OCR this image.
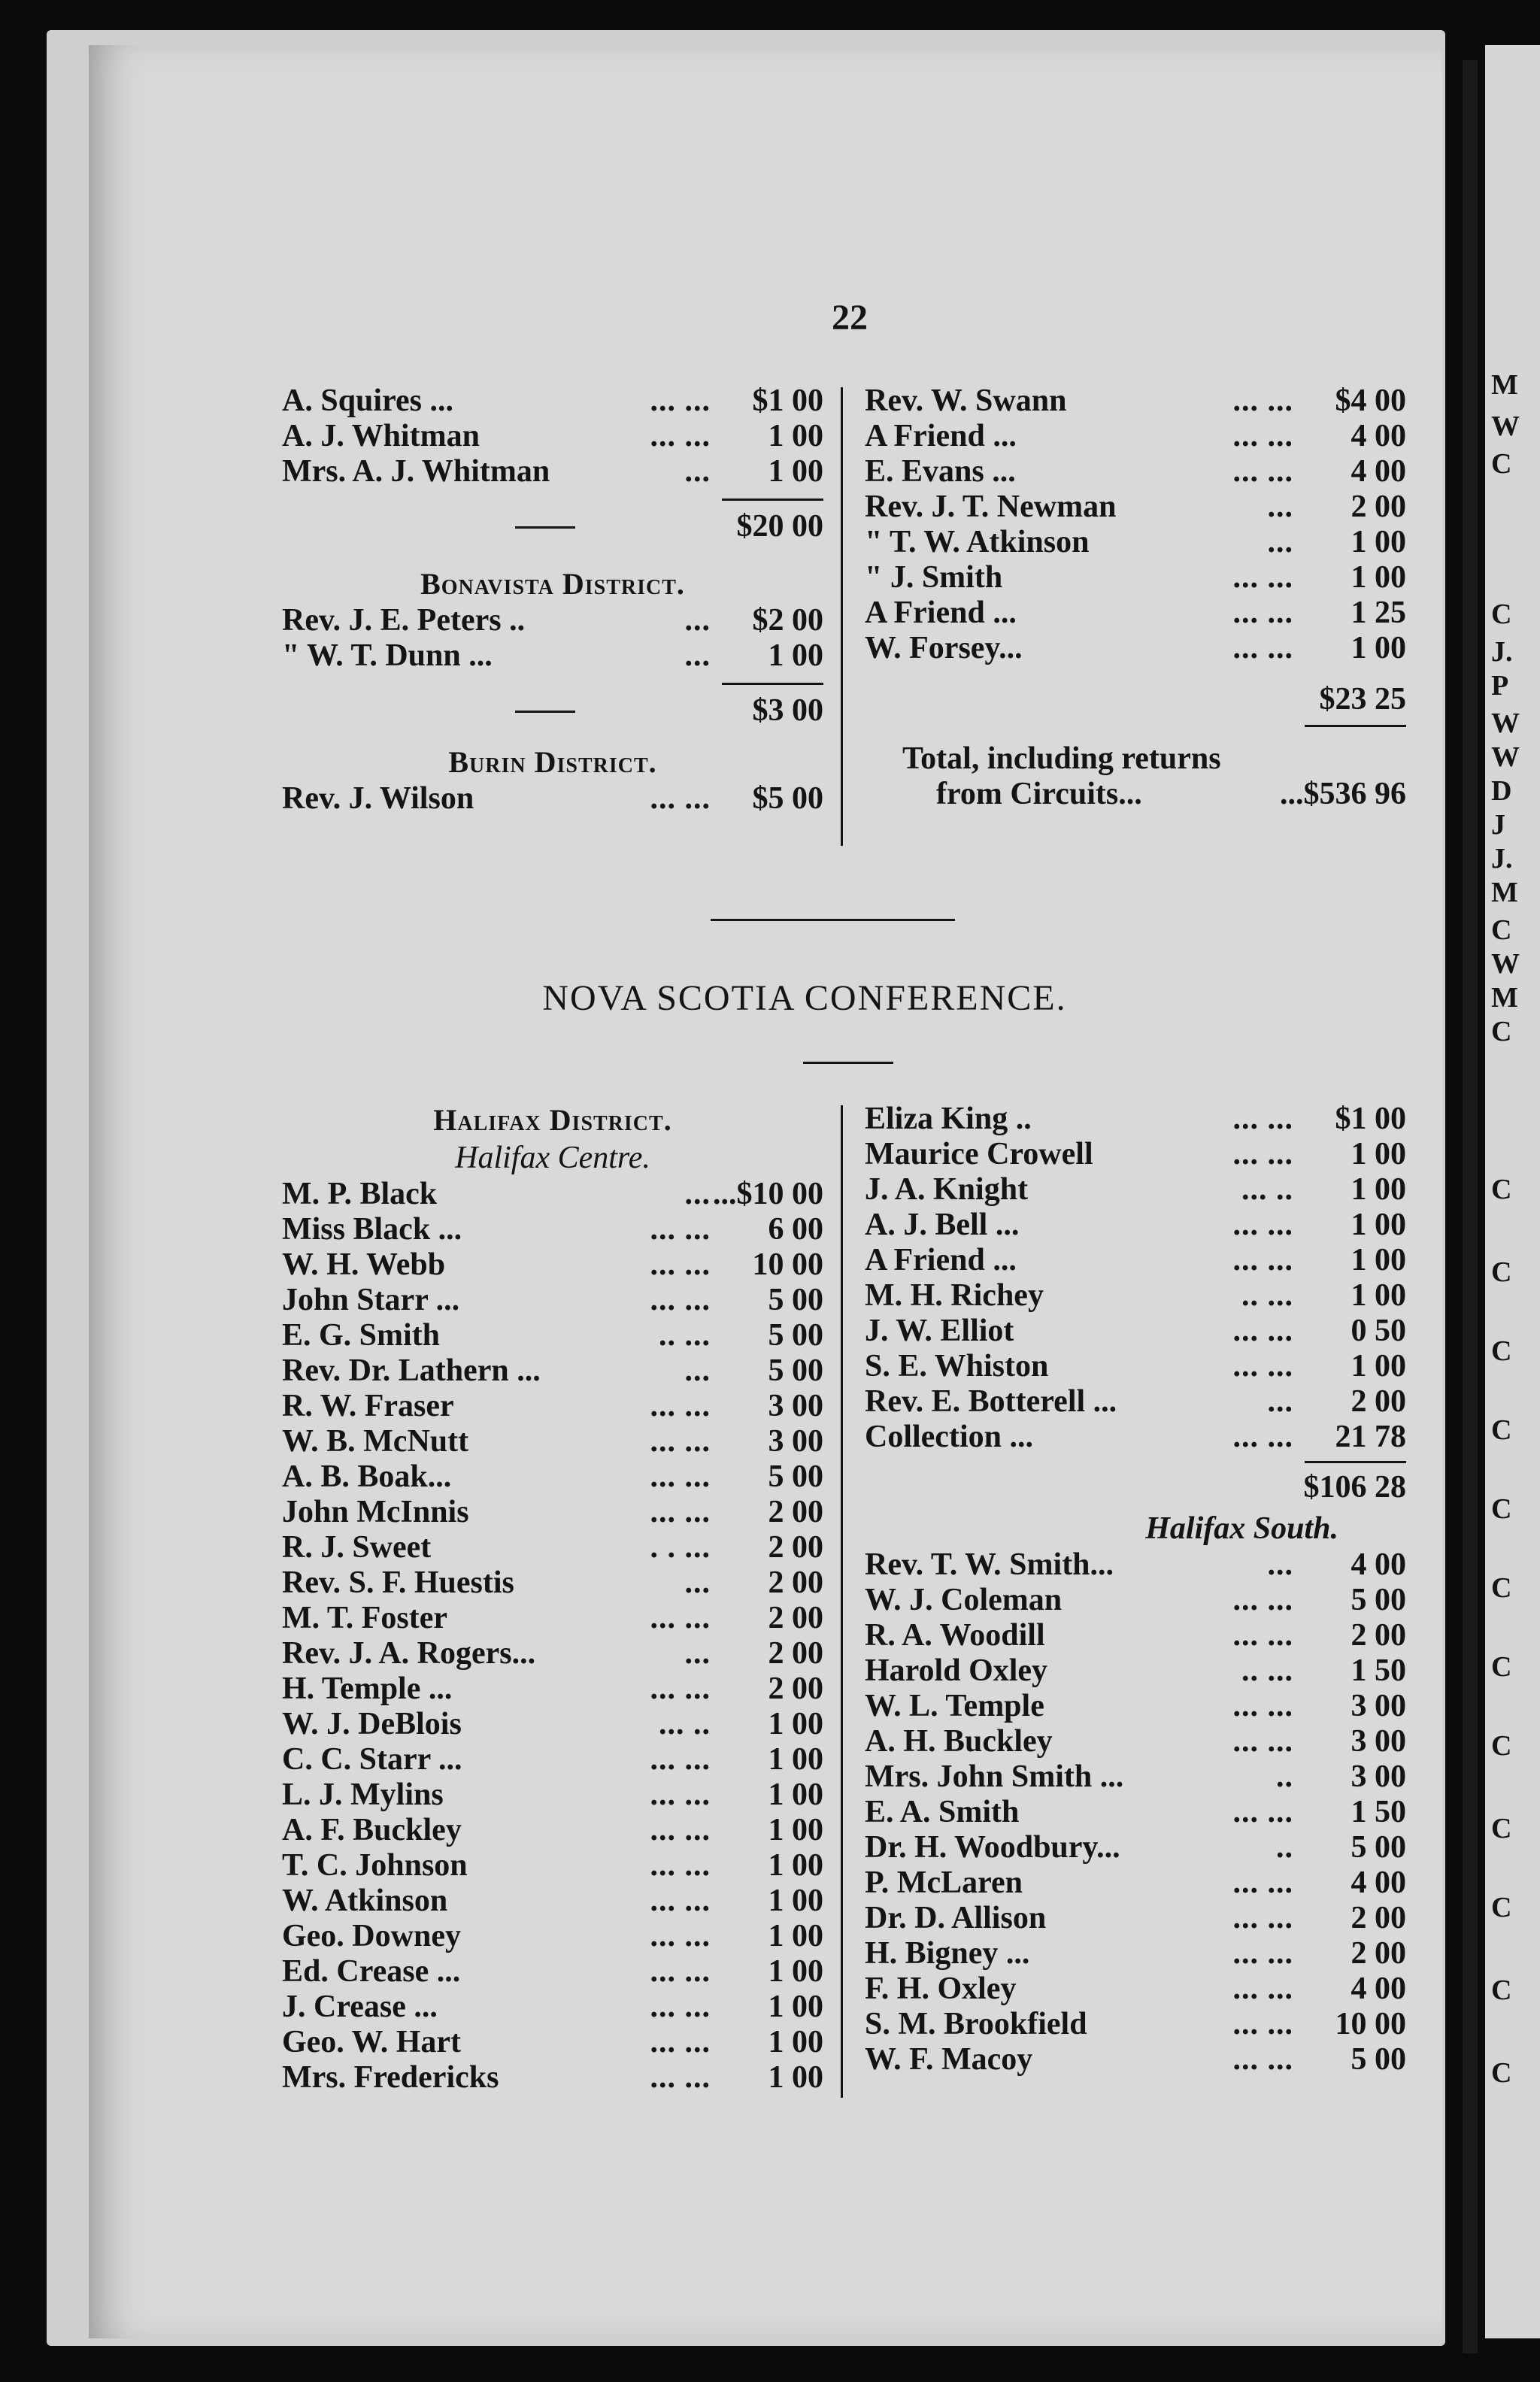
M
W
C
C
J.
P
W
W
D
J
J.
M
C
W
M
C
C
C
C
C
C
C
C
C
C
C
C
C
22
A. Squires ...	... ... $1 00
A. J. Whitman	... ... 1 00
Mrs. A. J. Whitman	... 1 00
$20 00
Bonavista District.
Rev. J. E. Peters ..	... $2 00
" W. T. Dunn ...	... 1 00
$3 00
Burin District.
Rev. J. Wilson	... ... $5 00
Rev. W. Swann	... ... $4 00
A Friend ...	... ... 4 00
E. Evans ...	... ... 4 00
Rev. J. T. Newman	... 2 00
" T. W. Atkinson	... 1 00
" J. Smith	... ... 1 00
A Friend ...	... ... 1 25
W. Forsey...	... ... 1 00
$23 25
Total, including returns
from Circuits...	...$536 96
NOVA SCOTIA CONFERENCE.
Halifax District.
Halifax Centre.
M. P. Black	... ...$10 00
Miss Black ...	... ... 6 00
W. H. Webb	... ... 10 00
John Starr ...	... ... 5 00
E. G. Smith	.. ... 5 00
Rev. Dr. Lathern ...	... 5 00
R. W. Fraser	... ... 3 00
W. B. McNutt	... ... 3 00
A. B. Boak...	... ... 5 00
John McInnis	... ... 2 00
R. J. Sweet	. . ... 2 00
Rev. S. F. Huestis	... 2 00
M. T. Foster	... ... 2 00
Rev. J. A. Rogers...	... 2 00
H. Temple ...	... ... 2 00
W. J. DeBlois	... .. 1 00
C. C. Starr ...	... ... 1 00
L. J. Mylins	... ... 1 00
A. F. Buckley	... ... 1 00
T. C. Johnson	... ... 1 00
W. Atkinson	... ... 1 00
Geo. Downey	... ... 1 00
Ed. Crease ...	... ... 1 00
J. Crease ...	... ... 1 00
Geo. W. Hart	... ... 1 00
Mrs. Fredericks	... ... 1 00
Eliza King ..	... ... $1 00
Maurice Crowell	... ... 1 00
J. A. Knight	... .. 1 00
A. J. Bell ...	... ... 1 00
A Friend ...	... ... 1 00
M. H. Richey	.. ... 1 00
J. W. Elliot	... ... 0 50
S. E. Whiston	... ... 1 00
Rev. E. Botterell ...	... 2 00
Collection ...	... ... 21 78
$106 28
Halifax South.
Rev. T. W. Smith...	... 4 00
W. J. Coleman	... ... 5 00
R. A. Woodill	... ... 2 00
Harold Oxley	.. ... 1 50
W. L. Temple	... ... 3 00
A. H. Buckley	... ... 3 00
Mrs. John Smith ...	.. 3 00
E. A. Smith	... ... 1 50
Dr. H. Woodbury...	.. 5 00
P. McLaren	... ... 4 00
Dr. D. Allison	... ... 2 00
H. Bigney ...	... ... 2 00
F. H. Oxley	... ... 4 00
S. M. Brookfield	... ... 10 00
W. F. Macoy	... ... 5 00
